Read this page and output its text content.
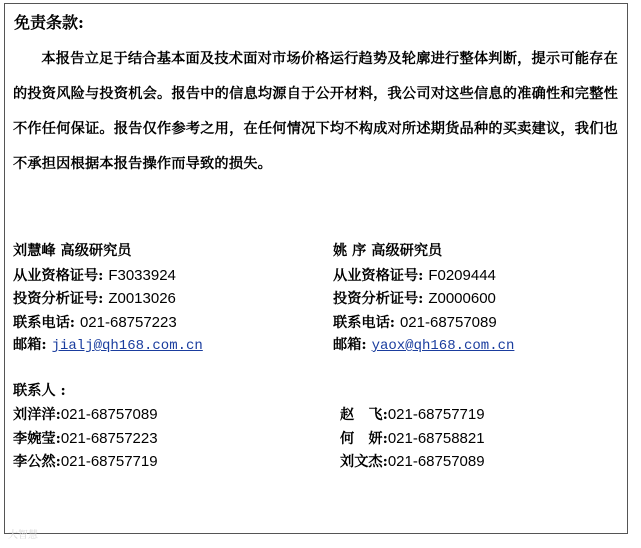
免责条款:
本报告立足于结合基本面及技术面对市场价格运行趋势及轮廓进行整体判断，提示可能存在的投资风险与投资机会。报告中的信息均源自于公开材料，我公司对这些信息的准确性和完整性不作任何保证。报告仅作参考之用，在任何情况下均不构成对所述期货品种的买卖建议，我们也不承担因根据本报告操作而导致的损失。
刘慧峰 高级研究员
从业资格证号: F3033924
投资分析证号: Z0013026
联系电话: 021-68757223
邮箱: jialj@qh168.com.cn
姚 序 高级研究员
从业资格证号: F0209444
投资分析证号: Z0000600
联系电话: 021-68757089
邮箱: yaox@qh168.com.cn
联系人 :
刘洋洋:021-68757089	赵　飞:021-68757719
李婉莹:021-68757223	何　妍:021-68758821
李公然:021-68757719	刘文杰:021-68757089
大智慧
